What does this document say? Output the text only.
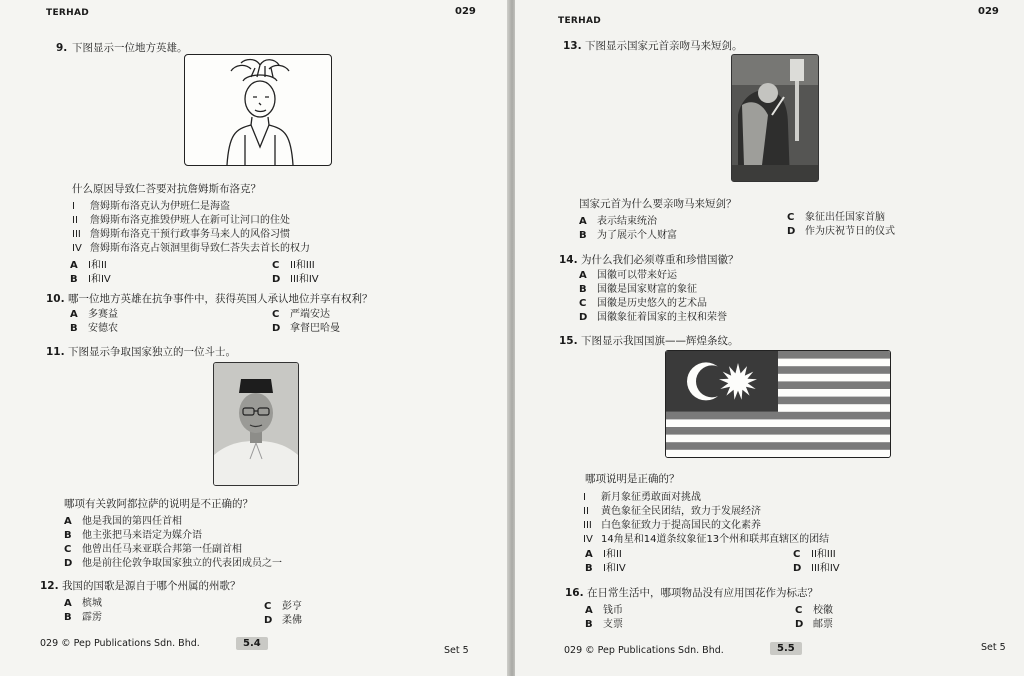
TERHAD	029
9. 下图显示一位地方英雄。
什么原因导致仁荅要对抗詹姆斯布洛克？
I 詹姆斯布洛克认为伊班仁是海盗
II 詹姆斯布洛克推毁伊班人在新可让河口的住处
III 詹姆斯布洛克干预行政事务马来人的风俗习惯
IV 詹姆斯布洛克占领洄里街导致仁荅失去首长的权力
A I和II
B I和IV
C II和III
D III和IV
10. 哪一位地方英雄在抗争事件中，获得英国人承认地位并享有权利？
A 多赛益
B 安德农
C 严端安达
D 拿督巴哈曼
11. 下图显示争取国家独立的一位斗士。
哪项有关敦阿都拉萨的说明是不正确的？
A 他是我国的第四任首相
B 他主张把马来语定为媒介语
C 他曾出任马来亚联合邦第一任副首相
D 他是前往伦敦争取国家独立的代表团成员之一
12. 我国的国歌是源自于哪个州属的州歌？
A 槟城
B 霹雳
C 彭亨
D 柔佛
029 © Pep Publications Sdn. Bhd.	5.4
Set 5
TERHAD
029
13. 下图显示国家元首亲吻马来短剑。
国家元首为什么要亲吻马来短剑？
A 表示结束统治
B 为了展示个人财富
C 象征出任国家首脑
D 作为庆祝节日的仪式
14. 为什么我们必须尊重和珍惜国徽？
A 国徽可以带来好运
B 国徽是国家财富的象征
C 国徽是历史悠久的艺术品
D 国徽象征着国家的主权和荣誉
15. 下图显示我国国旗——辉煌条纹。
哪项说明是正确的？
I 新月象征勇敢面对挑战
II 黄色象征全民团结，致力于发展经济
III 白色象征致力于提高国民的文化素养
IV 14角星和14道条纹象征13个州和联邦直辖区的团结
A I和II
B I和IV
C II和III
D III和IV
16. 在日常生活中，哪项物品没有应用国花作为标志？
A 钱币
B 支票
C 校徽
D 邮票
029 © Pep Publications Sdn. Bhd.	5.5	Set 5
